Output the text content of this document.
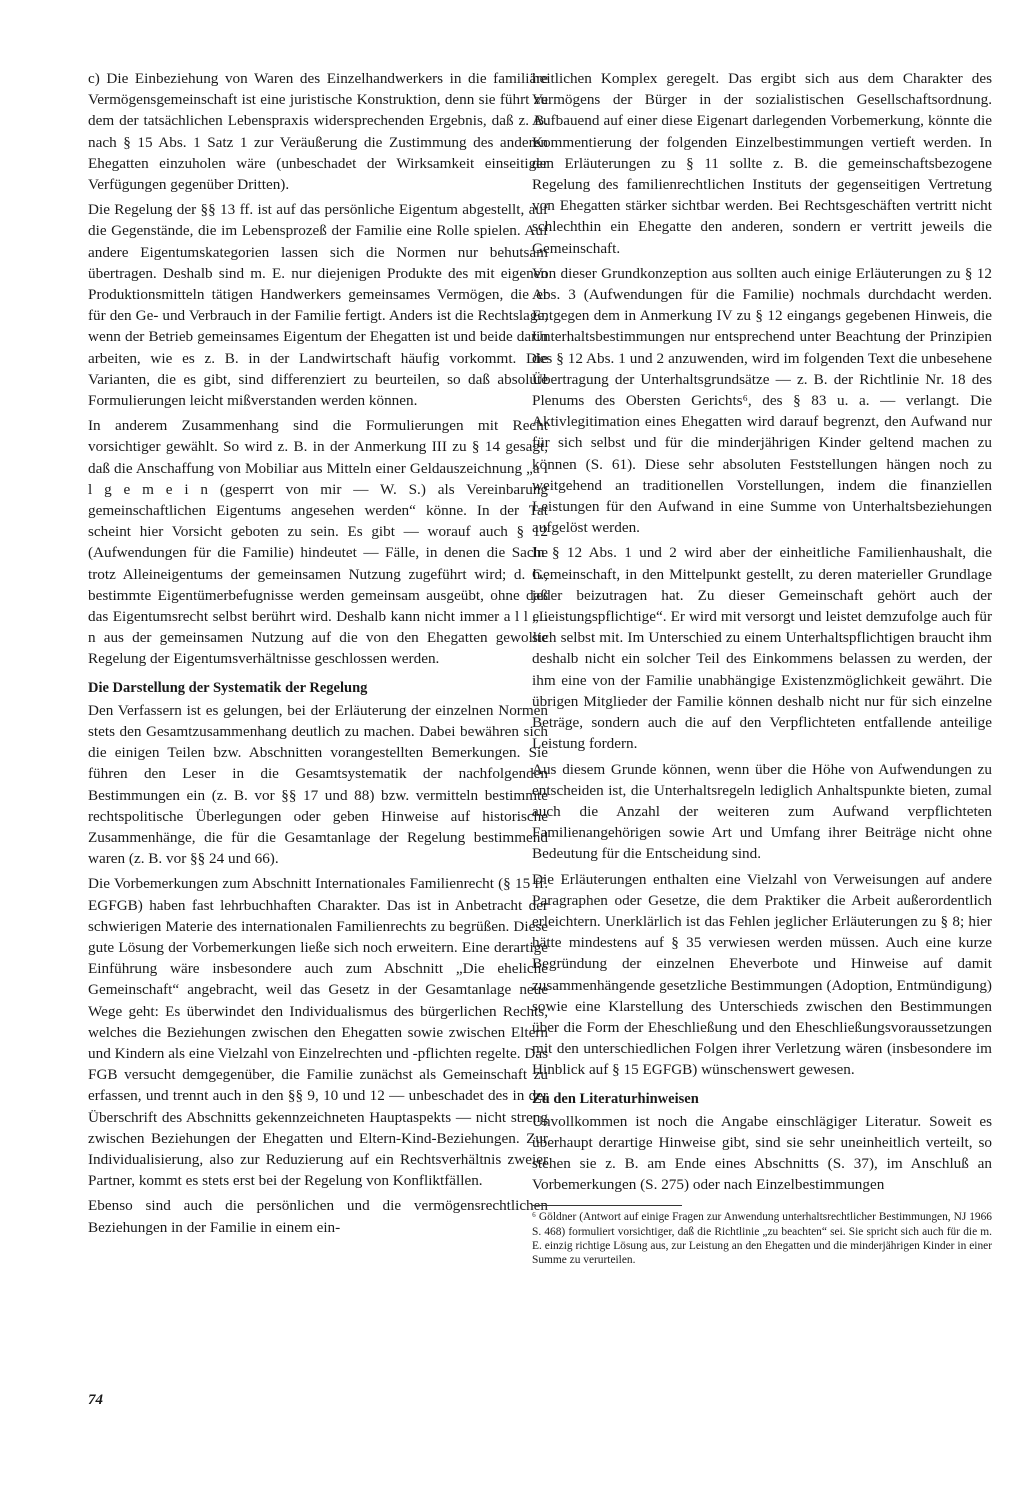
c) Die Einbeziehung von Waren des Einzelhandwerkers in die familiäre Vermögensgemeinschaft ist eine juristische Konstruktion, denn sie führt zu dem der tatsächlichen Lebenspraxis widersprechenden Ergebnis, daß z. B. nach § 15 Abs. 1 Satz 1 zur Veräußerung die Zustimmung des anderen Ehegatten einzuholen wäre (unbeschadet der Wirksamkeit einseitiger Verfügungen gegenüber Dritten).

Die Regelung der §§ 13 ff. ist auf das persönliche Eigentum abgestellt, auf die Gegenstände, die im Lebensprozeß der Familie eine Rolle spielen. Auf andere Eigentumskategorien lassen sich die Normen nur behutsam übertragen. Deshalb sind m. E. nur diejenigen Produkte des mit eigenen Produktionsmitteln tätigen Handwerkers gemeinsames Vermögen, die er für den Ge- und Verbrauch in der Familie fertigt. Anders ist die Rechtslage, wenn der Betrieb gemeinsames Eigentum der Ehegatten ist und beide darin arbeiten, wie es z. B. in der Landwirtschaft häufig vorkommt. Die Varianten, die es gibt, sind differenziert zu beurteilen, so daß absolute Formulierungen leicht mißverstanden werden können.

In anderem Zusammenhang sind die Formulierungen mit Recht vorsichtiger gewählt. So wird z. B. in der Anmerkung III zu § 14 gesagt, daß die Anschaffung von Mobiliar aus Mitteln einer Geldauszeichnung „a l l g e m e i n (gesperrt von mir — W. S.) als Vereinbarung gemeinschaftlichen Eigentums angesehen werden“ könne. In der Tat scheint hier Vorsicht geboten zu sein. Es gibt — worauf auch § 12 (Aufwendungen für die Familie) hindeutet — Fälle, in denen die Sache trotz Alleineigentums der gemeinsamen Nutzung zugeführt wird; d. h., bestimmte Eigentümerbefugnisse werden gemeinsam ausgeübt, ohne daß das Eigentumsrecht selbst berührt wird. Deshalb kann nicht immer a l l e i n aus der gemeinsamen Nutzung auf die von den Ehegatten gewollte Regelung der Eigentumsverhältnisse geschlossen werden.

Die Darstellung der Systematik der Regelung

Den Verfassern ist es gelungen, bei der Erläuterung der einzelnen Normen stets den Gesamtzusammenhang deutlich zu machen. Dabei bewähren sich die einigen Teilen bzw. Abschnitten vorangestellten Bemerkungen. Sie führen den Leser in die Gesamtsystematik der nachfolgenden Bestimmungen ein (z. B. vor §§ 17 und 88) bzw. vermitteln bestimmte rechtspolitische Überlegungen oder geben Hinweise auf historische Zusammenhänge, die für die Gesamtanlage der Regelung bestimmend waren (z. B. vor §§ 24 und 66).

Die Vorbemerkungen zum Abschnitt Internationales Familienrecht (§ 15 ff. EGFGB) haben fast lehrbuchhaften Charakter. Das ist in Anbetracht der schwierigen Materie des internationalen Familienrechts zu begrüßen. Diese gute Lösung der Vorbemerkungen ließe sich noch erweitern. Eine derartige Einführung wäre insbesondere auch zum Abschnitt „Die eheliche Gemeinschaft“ angebracht, weil das Gesetz in der Gesamtanlage neue Wege geht: Es überwindet den Individualismus des bürgerlichen Rechts, welches die Beziehungen zwischen den Ehegatten sowie zwischen Eltern und Kindern als eine Vielzahl von Einzelrechten und -pflichten regelte. Das FGB versucht demgegenüber, die Familie zunächst als Gemeinschaft zu erfassen, und trennt auch in den §§ 9, 10 und 12 — unbeschadet des in der Überschrift des Abschnitts gekennzeichneten Hauptaspekts — nicht streng zwischen Beziehungen der Ehegatten und Eltern-Kind-Beziehungen. Zur Individualisierung, also zur Reduzierung auf ein Rechtsverhältnis zweier Partner, kommt es stets erst bei der Regelung von Konfliktfällen.

Ebenso sind auch die persönlichen und die vermögensrechtlichen Beziehungen in der Familie in einem ein-

heitlichen Komplex geregelt. Das ergibt sich aus dem Charakter des Vermögens der Bürger in der sozialistischen Gesellschaftsordnung. Aufbauend auf einer diese Eigenart darlegenden Vorbemerkung, könnte die Kommentierung der folgenden Einzelbestimmungen vertieft werden. In den Erläuterungen zu § 11 sollte z. B. die gemeinschaftsbezogene Regelung des familienrechtlichen Instituts der gegenseitigen Vertretung von Ehegatten stärker sichtbar werden. Bei Rechtsgeschäften vertritt nicht schlechthin ein Ehegatte den anderen, sondern er vertritt jeweils die Gemeinschaft.

Von dieser Grundkonzeption aus sollten auch einige Erläuterungen zu § 12 Abs. 3 (Aufwendungen für die Familie) nochmals durchdacht werden. Entgegen dem in Anmerkung IV zu § 12 eingangs gegebenen Hinweis, die Unterhaltsbestimmungen nur entsprechend unter Beachtung der Prinzipien des § 12 Abs. 1 und 2 anzuwenden, wird im folgenden Text die unbesehene Übertragung der Unterhaltsgrundsätze — z. B. der Richtlinie Nr. 18 des Plenums des Obersten Gerichts⁶, des § 83 u. a. — verlangt. Die Aktivlegitimation eines Ehegatten wird darauf begrenzt, den Aufwand nur für sich selbst und für die minderjährigen Kinder geltend machen zu können (S. 61). Diese sehr absoluten Feststellungen hängen noch zu weitgehend an traditionellen Vorstellungen, indem die finanziellen Leistungen für den Aufwand in eine Summe von Unterhaltsbeziehungen aufgelöst werden.

In § 12 Abs. 1 und 2 wird aber der einheitliche Familienhaushalt, die Gemeinschaft, in den Mittelpunkt gestellt, zu deren materieller Grundlage jeder beizutragen hat. Zu dieser Gemeinschaft gehört auch der „Leistungspflichtige“. Er wird mit versorgt und leistet demzufolge auch für sich selbst mit. Im Unterschied zu einem Unterhaltspflichtigen braucht ihm deshalb nicht ein solcher Teil des Einkommens belassen zu werden, der ihm eine von der Familie unabhängige Existenzmöglichkeit gewährt. Die übrigen Mitglieder der Familie können deshalb nicht nur für sich einzelne Beträge, sondern auch die auf den Verpflichteten entfallende anteilige Leistung fordern.

Aus diesem Grunde können, wenn über die Höhe von Aufwendungen zu entscheiden ist, die Unterhaltsregeln lediglich Anhaltspunkte bieten, zumal auch die Anzahl der weiteren zum Aufwand verpflichteten Familienangehörigen sowie Art und Umfang ihrer Beiträge nicht ohne Bedeutung für die Entscheidung sind.

Die Erläuterungen enthalten eine Vielzahl von Verweisungen auf andere Paragraphen oder Gesetze, die dem Praktiker die Arbeit außerordentlich erleichtern. Unerklärlich ist das Fehlen jeglicher Erläuterungen zu § 8; hier hätte mindestens auf § 35 verwiesen werden müssen. Auch eine kurze Begründung der einzelnen Eheverbote und Hinweise auf damit zusammenhängende gesetzliche Bestimmungen (Adoption, Entmündigung) sowie eine Klarstellung des Unterschieds zwischen den Bestimmungen über die Form der Eheschließung und den Eheschließungsvoraussetzungen mit den unterschiedlichen Folgen ihrer Verletzung wären (insbesondere im Hinblick auf § 15 EGFGB) wünschenswert gewesen.

Zu den Literaturhinweisen

Unvollkommen ist noch die Angabe einschlägiger Literatur. Soweit es überhaupt derartige Hinweise gibt, sind sie sehr uneinheitlich verteilt, so stehen sie z. B. am Ende eines Abschnitts (S. 37), im Anschluß an Vorbemerkungen (S. 275) oder nach Einzelbestimmungen

⁶ Göldner (Antwort auf einige Fragen zur Anwendung unterhaltsrechtlicher Bestimmungen, NJ 1966 S. 468) formuliert vorsichtiger, daß die Richtlinie „zu beachten“ sei. Sie spricht sich auch für die m. E. einzig richtige Lösung aus, zur Leistung an den Ehegatten und die minderjährigen Kinder in einer Summe zu verurteilen.

74
